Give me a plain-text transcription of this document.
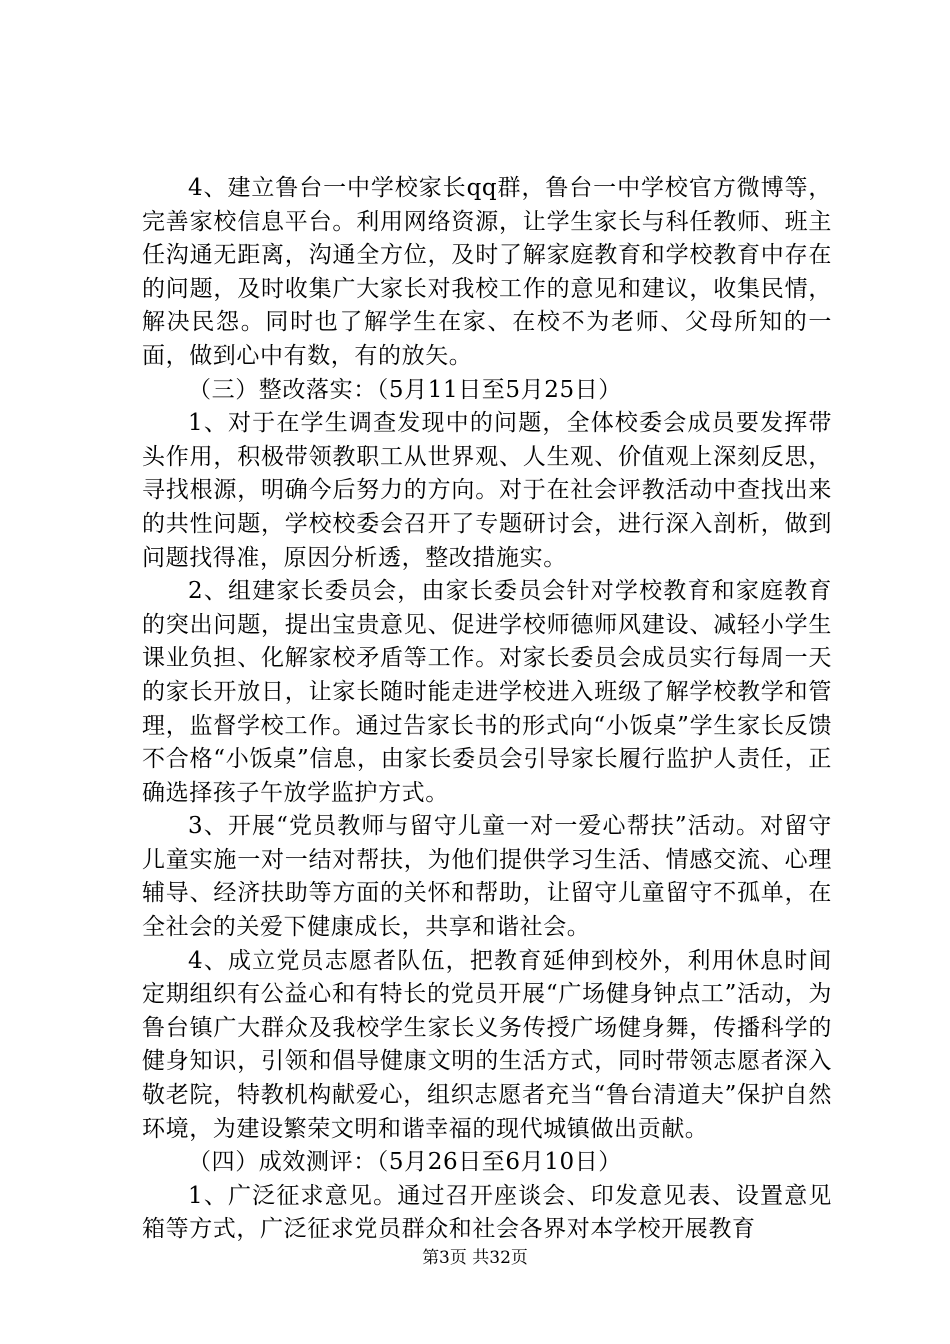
4、建立鲁台一中学校家长qq群，鲁台一中学校官方微博等，完善家校信息平台。利用网络资源，让学生家长与科任教师、班主任沟通无距离，沟通全方位，及时了解家庭教育和学校教育中存在的问题，及时收集广大家长对我校工作的意见和建议，收集民情，解决民怨。同时也了解学生在家、在校不为老师、父母所知的一面，做到心中有数，有的放矢。

（三）整改落实：（5月11日至5月25日）

1、对于在学生调查发现中的问题，全体校委会成员要发挥带头作用，积极带领教职工从世界观、人生观、价值观上深刻反思，寻找根源，明确今后努力的方向。对于在社会评教活动中查找出来的共性问题，学校校委会召开了专题研讨会，进行深入剖析，做到问题找得准，原因分析透，整改措施实。

2、组建家长委员会，由家长委员会针对学校教育和家庭教育的突出问题，提出宝贵意见、促进学校师德师风建设、减轻小学生课业负担、化解家校矛盾等工作。对家长委员会成员实行每周一天的家长开放日，让家长随时能走进学校进入班级了解学校教学和管理，监督学校工作。通过告家长书的形式向“小饭桌”学生家长反馈不合格“小饭桌”信息，由家长委员会引导家长履行监护人责任，正确选择孩子午放学监护方式。

3、开展“党员教师与留守儿童一对一爱心帮扶”活动。对留守儿童实施一对一结对帮扶，为他们提供学习生活、情感交流、心理辅导、经济扶助等方面的关怀和帮助，让留守儿童留守不孤单，在全社会的关爱下健康成长，共享和谐社会。

4、成立党员志愿者队伍，把教育延伸到校外，利用休息时间定期组织有公益心和有特长的党员开展“广场健身钟点工”活动，为鲁台镇广大群众及我校学生家长义务传授广场健身舞，传播科学的健身知识，引领和倡导健康文明的生活方式，同时带领志愿者深入敬老院，特教机构献爱心，组织志愿者充当“鲁台清道夫”保护自然环境，为建设繁荣文明和谐幸福的现代城镇做出贡献。

（四）成效测评：（5月26日至6月10日）

1、广泛征求意见。通过召开座谈会、印发意见表、设置意见箱等方式，广泛征求党员群众和社会各界对本学校开展教育

第3页 共32页
